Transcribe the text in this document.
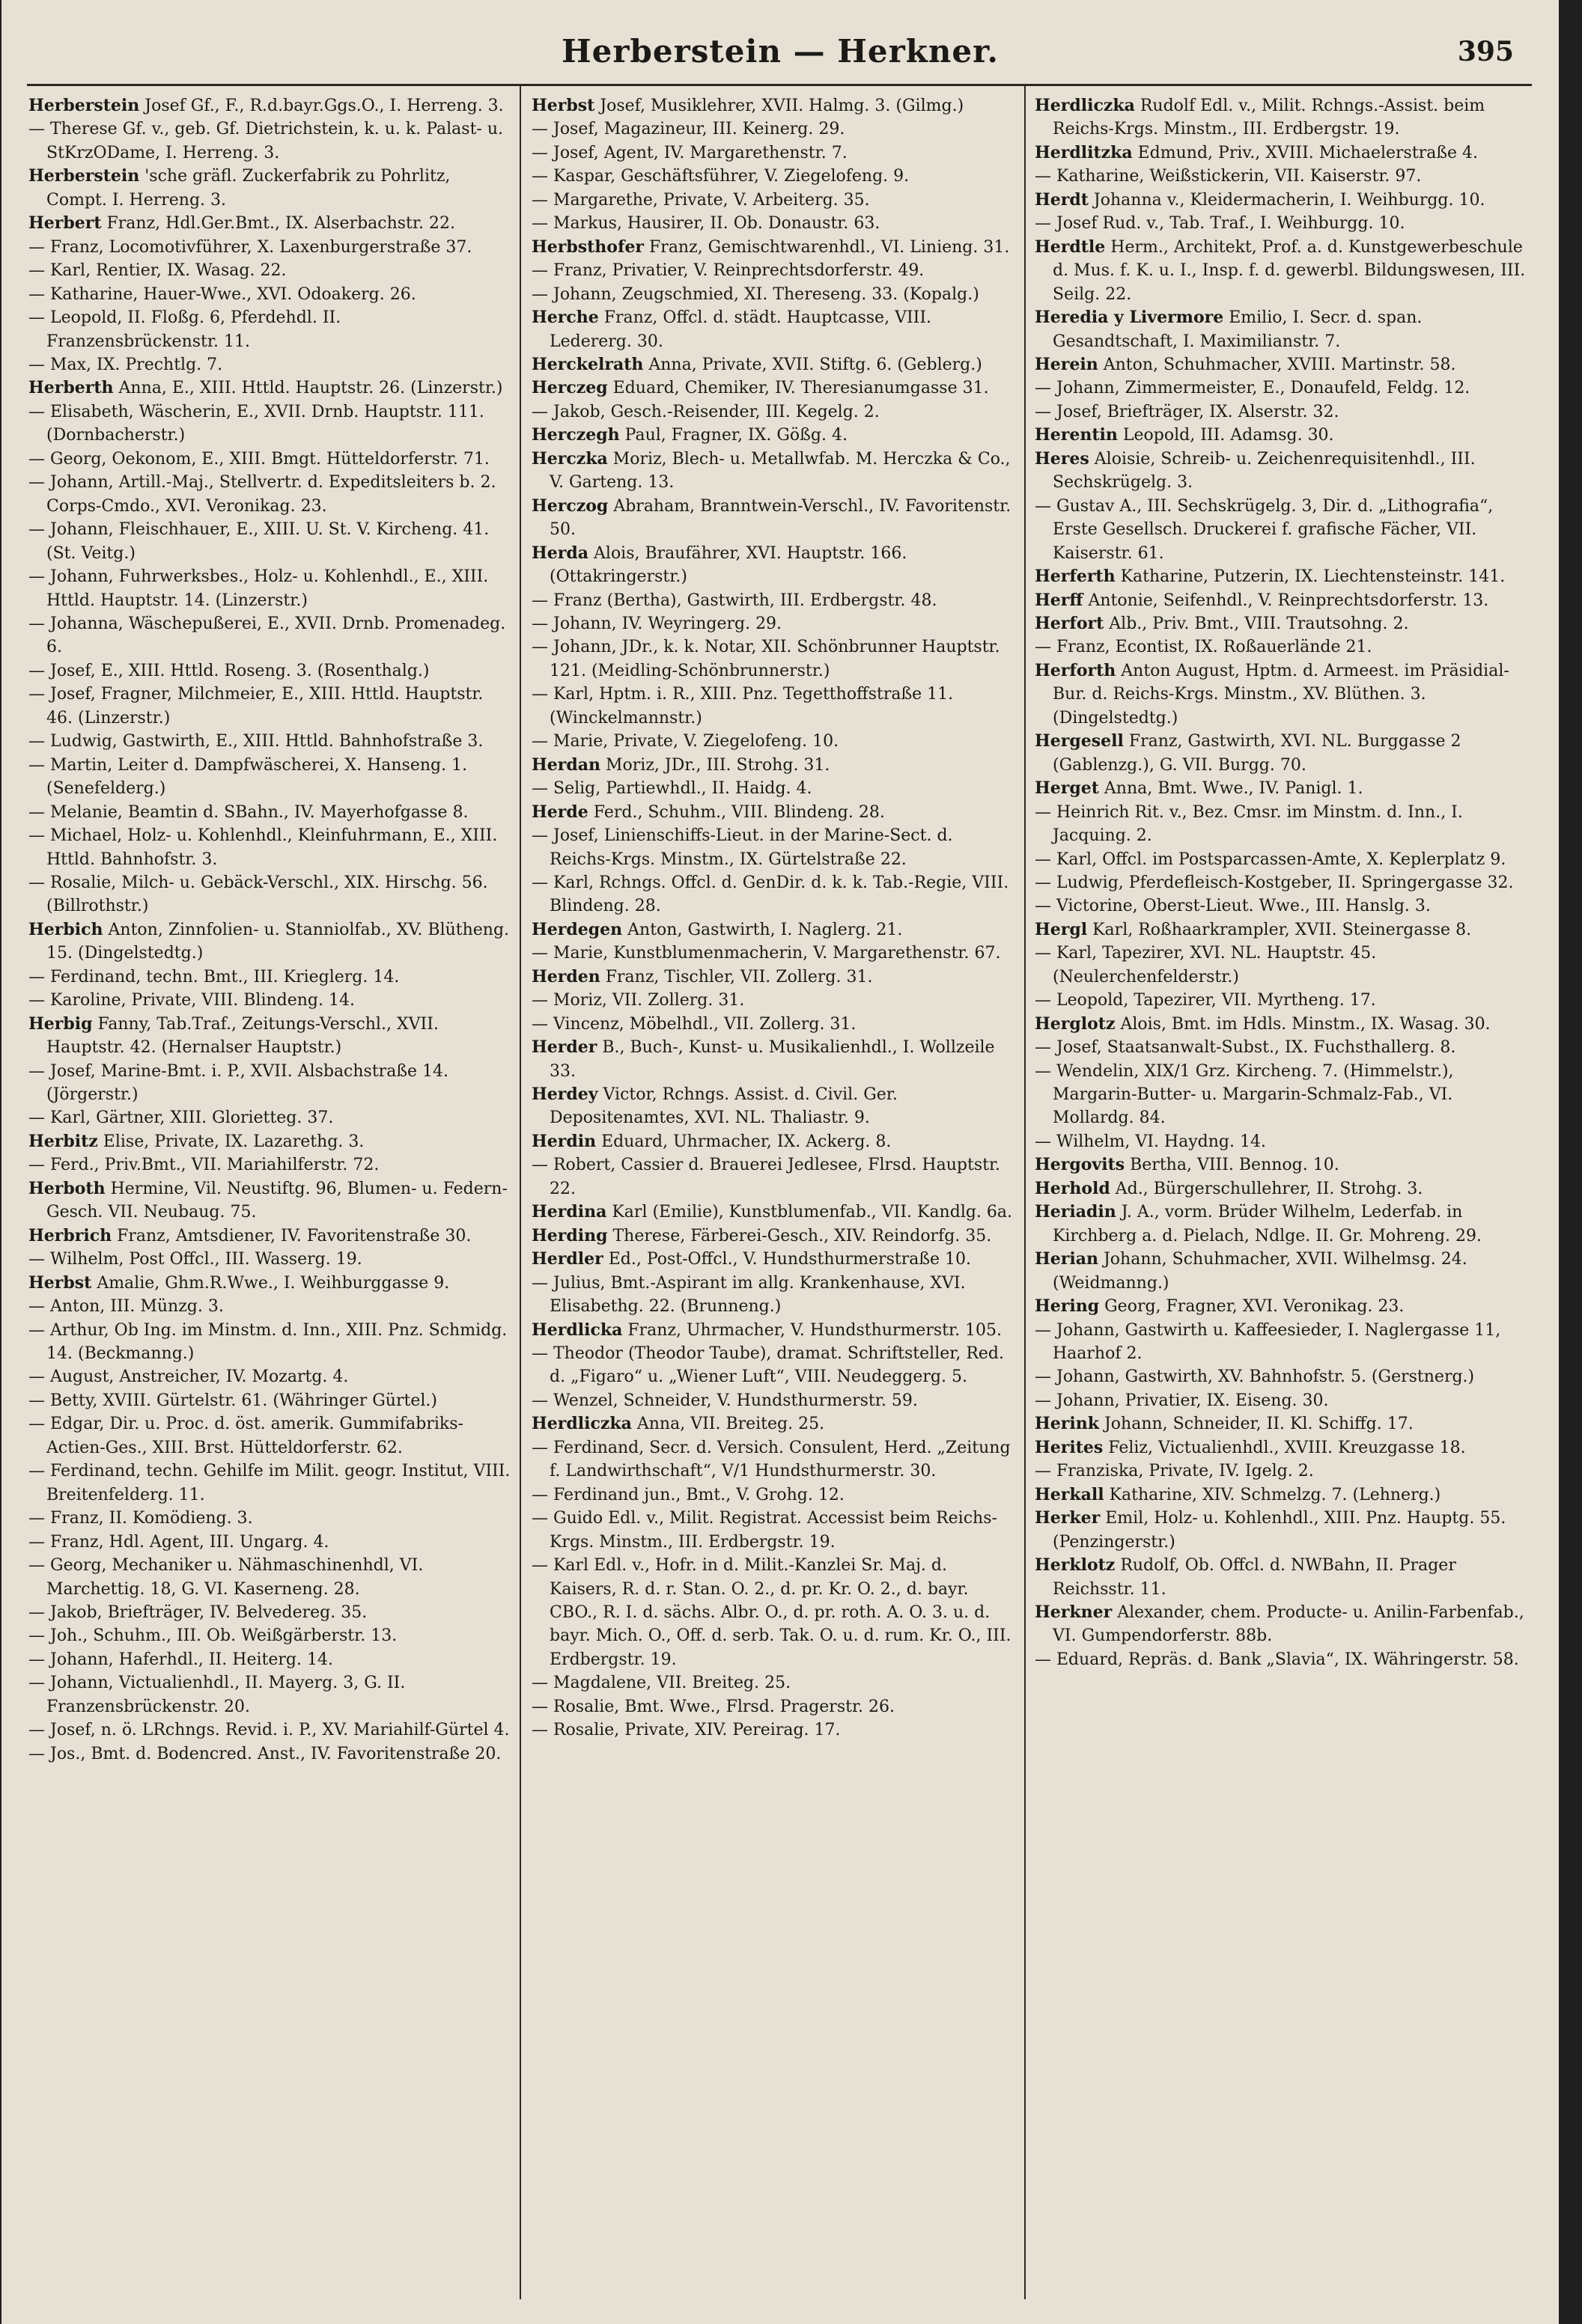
Herberstein — Herkner.	395

Herberstein Josef Gf., F., R.d.bayr.Ggs.O., I. Herreng. 3.

— Therese Gf. v., geb. Gf. Dietrichstein, k. u. k. Palast- u. StKrzODame, I. Herreng. 3.

Herberstein 'sche gräfl. Zuckerfabrik zu Pohrlitz, Compt. I. Herreng. 3.

Herbert Franz, Hdl.Ger.Bmt., IX. Alserbachstr. 22.

— Franz, Locomotivführer, X. Laxenburgerstraße 37.

— Karl, Rentier, IX. Wasag. 22.

— Katharine, Hauer-Wwe., XVI. Odoakerg. 26.

— Leopold, II. Floßg. 6, Pferdehdl. II. Franzensbrückenstr. 11.

— Max, IX. Prechtlg. 7.

Herberth Anna, E., XIII. Httld. Hauptstr. 26. (Linzerstr.)

— Elisabeth, Wäscherin, E., XVII. Drnb. Hauptstr. 111. (Dornbacherstr.)

— Georg, Oekonom, E., XIII. Bmgt. Hütteldorferstr. 71.

— Johann, Artill.-Maj., Stellvertr. d. Expeditsleiters b. 2. Corps-Cmdo., XVI. Veronikag. 23.

— Johann, Fleischhauer, E., XIII. U. St. V. Kircheng. 41. (St. Veitg.)

— Johann, Fuhrwerksbes., Holz- u. Kohlenhdl., E., XIII. Httld. Hauptstr. 14. (Linzerstr.)

— Johanna, Wäschepußerei, E., XVII. Drnb. Promenadeg. 6.

— Josef, E., XIII. Httld. Roseng. 3. (Rosenthalg.)

— Josef, Fragner, Milchmeier, E., XIII. Httld. Hauptstr. 46. (Linzerstr.)

— Ludwig, Gastwirth, E., XIII. Httld. Bahnhofstraße 3.

— Martin, Leiter d. Dampfwäscherei, X. Hanseng. 1. (Senefelderg.)

— Melanie, Beamtin d. SBahn., IV. Mayerhofgasse 8.

— Michael, Holz- u. Kohlenhdl., Kleinfuhrmann, E., XIII. Httld. Bahnhofstr. 3.

— Rosalie, Milch- u. Gebäck-Verschl., XIX. Hirschg. 56. (Billrothstr.)

Herbich Anton, Zinnfolien- u. Stanniolfab., XV. Blütheng. 15. (Dingelstedtg.)

— Ferdinand, techn. Bmt., III. Krieglerg. 14.

— Karoline, Private, VIII. Blindeng. 14.

Herbig Fanny, Tab.Traf., Zeitungs-Verschl., XVII. Hauptstr. 42. (Hernalser Hauptstr.)

— Josef, Marine-Bmt. i. P., XVII. Alsbachstraße 14. (Jörgerstr.)

— Karl, Gärtner, XIII. Glorietteg. 37.

Herbitz Elise, Private, IX. Lazarethg. 3.

— Ferd., Priv.Bmt., VII. Mariahilferstr. 72.

Herboth Hermine, Vil. Neustiftg. 96, Blumen- u. Federn-Gesch. VII. Neubaug. 75.

Herbrich Franz, Amtsdiener, IV. Favoritenstraße 30.

— Wilhelm, Post Offcl., III. Wasserg. 19.

Herbst Amalie, Ghm.R.Wwe., I. Weihburggasse 9.

— Anton, III. Münzg. 3.

— Arthur, Ob Ing. im Minstm. d. Inn., XIII. Pnz. Schmidg. 14. (Beckmanng.)

— August, Anstreicher, IV. Mozartg. 4.

— Betty, XVIII. Gürtelstr. 61. (Währinger Gürtel.)

— Edgar, Dir. u. Proc. d. öst. amerik. Gummifabriks-Actien-Ges., XIII. Brst. Hütteldorferstr. 62.

— Ferdinand, techn. Gehilfe im Milit. geogr. Institut, VIII. Breitenfelderg. 11.

— Franz, II. Komödieng. 3.

— Franz, Hdl. Agent, III. Ungarg. 4.

— Georg, Mechaniker u. Nähmaschinenhdl, VI. Marchettig. 18, G. VI. Kaserneng. 28.

— Jakob, Briefträger, IV. Belvedereg. 35.

— Joh., Schuhm., III. Ob. Weißgärberstr. 13.

— Johann, Haferhdl., II. Heiterg. 14.

— Johann, Victualienhdl., II. Mayerg. 3, G. II. Franzensbrückenstr. 20.

— Josef, n. ö. LRchngs. Revid. i. P., XV. Mariahilf-Gürtel 4.

— Jos., Bmt. d. Bodencred. Anst., IV. Favoritenstraße 20.

Herbst Josef, Musiklehrer, XVII. Halmg. 3. (Gilmg.)

— Josef, Magazineur, III. Keinerg. 29.

— Josef, Agent, IV. Margarethenstr. 7.

— Kaspar, Geschäftsführer, V. Ziegelofeng. 9.

— Margarethe, Private, V. Arbeiterg. 35.

— Markus, Hausirer, II. Ob. Donaustr. 63.

Herbsthofer Franz, Gemischtwarenhdl., VI. Linieng. 31.

— Franz, Privatier, V. Reinprechtsdorferstr. 49.

— Johann, Zeugschmied, XI. Thereseng. 33. (Kopalg.)

Herche Franz, Offcl. d. städt. Hauptcasse, VIII. Ledererg. 30.

Herckelrath Anna, Private, XVII. Stiftg. 6. (Geblerg.)

Herczeg Eduard, Chemiker, IV. Theresianumgasse 31.

— Jakob, Gesch.-Reisender, III. Kegelg. 2.

Herczegh Paul, Fragner, IX. Gößg. 4.

Herczka Moriz, Blech- u. Metallwfab. M. Herczka & Co., V. Garteng. 13.

Herczog Abraham, Branntwein-Verschl., IV. Favoritenstr. 50.

Herda Alois, Braufährer, XVI. Hauptstr. 166. (Ottakringerstr.)

— Franz (Bertha), Gastwirth, III. Erdbergstr. 48.

— Johann, IV. Weyringerg. 29.

— Johann, JDr., k. k. Notar, XII. Schönbrunner Hauptstr. 121. (Meidling-Schönbrunnerstr.)

— Karl, Hptm. i. R., XIII. Pnz. Tegetthoffstraße 11. (Winckelmannstr.)

— Marie, Private, V. Ziegelofeng. 10.

Herdan Moriz, JDr., III. Strohg. 31.

— Selig, Partiewhdl., II. Haidg. 4.

Herde Ferd., Schuhm., VIII. Blindeng. 28.

— Josef, Linienschiffs-Lieut. in der Marine-Sect. d. Reichs-Krgs. Minstm., IX. Gürtelstraße 22.

— Karl, Rchngs. Offcl. d. GenDir. d. k. k. Tab.-Regie, VIII. Blindeng. 28.

Herdegen Anton, Gastwirth, I. Naglerg. 21.

— Marie, Kunstblumenmacherin, V. Margarethenstr. 67.

Herden Franz, Tischler, VII. Zollerg. 31.

— Moriz, VII. Zollerg. 31.

— Vincenz, Möbelhdl., VII. Zollerg. 31.

Herder B., Buch-, Kunst- u. Musikalienhdl., I. Wollzeile 33.

Herdey Victor, Rchngs. Assist. d. Civil. Ger. Depositenamtes, XVI. NL. Thaliastr. 9.

Herdin Eduard, Uhrmacher, IX. Ackerg. 8.

— Robert, Cassier d. Brauerei Jedlesee, Flrsd. Hauptstr. 22.

Herdina Karl (Emilie), Kunstblumenfab., VII. Kandlg. 6a.

Herding Therese, Färberei-Gesch., XIV. Reindorfg. 35.

Herdler Ed., Post-Offcl., V. Hundsthurmerstraße 10.

— Julius, Bmt.-Aspirant im allg. Krankenhause, XVI. Elisabethg. 22. (Brunneng.)

Herdlicka Franz, Uhrmacher, V. Hundsthurmerstr. 105.

— Theodor (Theodor Taube), dramat. Schriftsteller, Red. d. „Figaro“ u. „Wiener Luft“, VIII. Neudeggerg. 5.

— Wenzel, Schneider, V. Hundsthurmerstr. 59.

Herdliczka Anna, VII. Breiteg. 25.

— Ferdinand, Secr. d. Versich. Consulent, Herd. „Zeitung f. Landwirthschaft“, V/1 Hundsthurmerstr. 30.

— Ferdinand jun., Bmt., V. Grohg. 12.

— Guido Edl. v., Milit. Registrat. Accessist beim Reichs-Krgs. Minstm., III. Erdbergstr. 19.

— Karl Edl. v., Hofr. in d. Milit.-Kanzlei Sr. Maj. d. Kaisers, R. d. r. Stan. O. 2., d. pr. Kr. O. 2., d. bayr. CBO., R. I. d. sächs. Albr. O., d. pr. roth. A. O. 3. u. d. bayr. Mich. O., Off. d. serb. Tak. O. u. d. rum. Kr. O., III. Erdbergstr. 19.

— Magdalene, VII. Breiteg. 25.

— Rosalie, Bmt. Wwe., Flrsd. Pragerstr. 26.

— Rosalie, Private, XIV. Pereirag. 17.

Herdliczka Rudolf Edl. v., Milit. Rchngs.-Assist. beim Reichs-Krgs. Minstm., III. Erdbergstr. 19.

Herdlitzka Edmund, Priv., XVIII. Michaelerstraße 4.

— Katharine, Weißstickerin, VII. Kaiserstr. 97.

Herdt Johanna v., Kleidermacherin, I. Weihburgg. 10.

— Josef Rud. v., Tab. Traf., I. Weihburgg. 10.

Herdtle Herm., Architekt, Prof. a. d. Kunstgewerbeschule d. Mus. f. K. u. I., Insp. f. d. gewerbl. Bildungswesen, III. Seilg. 22.

Heredia y Livermore Emilio, I. Secr. d. span. Gesandtschaft, I. Maximilianstr. 7.

Herein Anton, Schuhmacher, XVIII. Martinstr. 58.

— Johann, Zimmermeister, E., Donaufeld, Feldg. 12.

— Josef, Briefträger, IX. Alserstr. 32.

Herentin Leopold, III. Adamsg. 30.

Heres Aloisie, Schreib- u. Zeichenrequisitenhdl., III. Sechskrügelg. 3.

— Gustav A., III. Sechskrügelg. 3, Dir. d. „Lithografia“, Erste Gesellsch. Druckerei f. grafische Fächer, VII. Kaiserstr. 61.

Herferth Katharine, Putzerin, IX. Liechtensteinstr. 141.

Herff Antonie, Seifenhdl., V. Reinprechtsdorferstr. 13.

Herfort Alb., Priv. Bmt., VIII. Trautsohng. 2.

— Franz, Econtist, IX. Roßauerlände 21.

Herforth Anton August, Hptm. d. Armeest. im Präsidial-Bur. d. Reichs-Krgs. Minstm., XV. Blüthen. 3. (Dingelstedtg.)

Hergesell Franz, Gastwirth, XVI. NL. Burggasse 2 (Gablenzg.), G. VII. Burgg. 70.

Herget Anna, Bmt. Wwe., IV. Panigl. 1.

— Heinrich Rit. v., Bez. Cmsr. im Minstm. d. Inn., I. Jacquing. 2.

— Karl, Offcl. im Postsparcassen-Amte, X. Keplerplatz 9.

— Ludwig, Pferdefleisch-Kostgeber, II. Springergasse 32.

— Victorine, Oberst-Lieut. Wwe., III. Hanslg. 3.

Hergl Karl, Roßhaarkrampler, XVII. Steinergasse 8.

— Karl, Tapezirer, XVI. NL. Hauptstr. 45. (Neulerchenfelderstr.)

— Leopold, Tapezirer, VII. Myrtheng. 17.

Herglotz Alois, Bmt. im Hdls. Minstm., IX. Wasag. 30.

— Josef, Staatsanwalt-Subst., IX. Fuchsthallerg. 8.

— Wendelin, XIX/1 Grz. Kircheng. 7. (Himmelstr.), Margarin-Butter- u. Margarin-Schmalz-Fab., VI. Mollardg. 84.

— Wilhelm, VI. Haydng. 14.

Hergovits Bertha, VIII. Bennog. 10.

Herhold Ad., Bürgerschullehrer, II. Strohg. 3.

Heriadin J. A., vorm. Brüder Wilhelm, Lederfab. in Kirchberg a. d. Pielach, Ndlge. II. Gr. Mohreng. 29.

Herian Johann, Schuhmacher, XVII. Wilhelmsg. 24. (Weidmanng.)

Hering Georg, Fragner, XVI. Veronikag. 23.

— Johann, Gastwirth u. Kaffeesieder, I. Naglergasse 11, Haarhof 2.

— Johann, Gastwirth, XV. Bahnhofstr. 5. (Gerstnerg.)

— Johann, Privatier, IX. Eiseng. 30.

Herink Johann, Schneider, II. Kl. Schiffg. 17.

Herites Feliz, Victualienhdl., XVIII. Kreuzgasse 18.

— Franziska, Private, IV. Igelg. 2.

Herkall Katharine, XIV. Schmelzg. 7. (Lehnerg.)

Herker Emil, Holz- u. Kohlenhdl., XIII. Pnz. Hauptg. 55. (Penzingerstr.)

Herklotz Rudolf, Ob. Offcl. d. NWBahn, II. Prager Reichsstr. 11.

Herkner Alexander, chem. Producte- u. Anilin-Farbenfab., VI. Gumpendorferstr. 88b.

— Eduard, Repräs. d. Bank „Slavia“, IX. Währingerstr. 58.
